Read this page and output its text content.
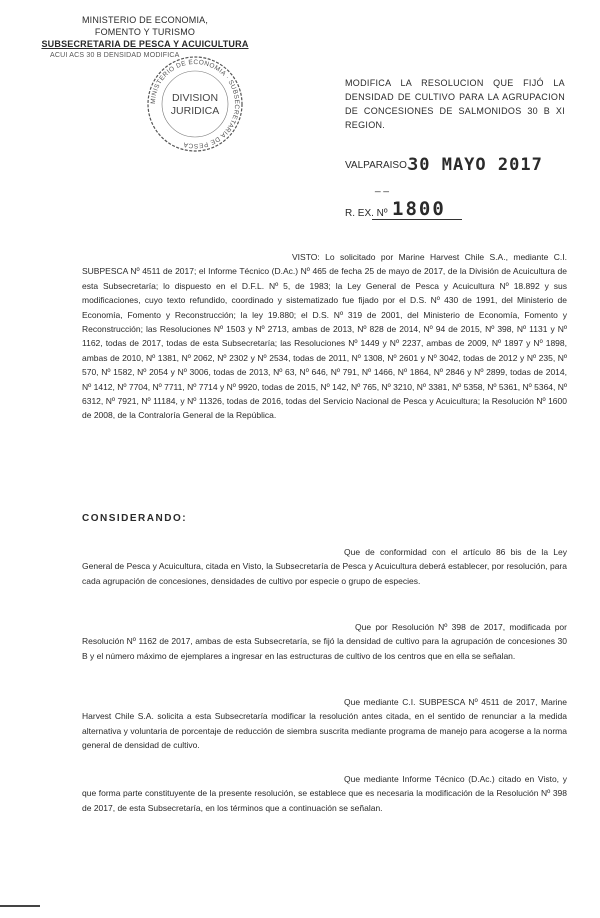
MINISTERIO DE ECONOMIA,
FOMENTO Y TURISMO
SUBSECRETARIA DE PESCA Y ACUICULTURA
ACUI ACS 30 B DENSIDAD MODIFICA
MINISTERIO DE ECONOMIA · SUBSECRETARIA DE PESCA
DIVISION
JURIDICA
MODIFICA LA RESOLUCION QUE FIJÓ LA DENSIDAD DE CULTIVO PARA LA AGRUPACION DE CONCESIONES DE SALMONIDOS 30 B XI REGION.
VALPARAISO,
30 MAYO 2017
_ _
R. EX. Nº 1800
VISTO: Lo solicitado por Marine Harvest Chile S.A., mediante C.I. SUBPESCA Nº 4511 de 2017; el Informe Técnico (D.Ac.) Nº 465 de fecha 25 de mayo de 2017, de la División de Acuicultura de esta Subsecretaría; lo dispuesto en el D.F.L. Nº 5, de 1983; la Ley General de Pesca y Acuicultura Nº 18.892 y sus modificaciones, cuyo texto refundido, coordinado y sistematizado fue fijado por el D.S. Nº 430 de 1991, del Ministerio de Economía, Fomento y Reconstrucción; la ley 19.880; el D.S. Nº 319 de 2001, del Ministerio de Economía, Fomento y Reconstrucción; las Resoluciones Nº 1503 y Nº 2713, ambas de 2013, Nº 828 de 2014, Nº 94 de 2015, Nº 398, Nº 1131 y Nº 1162, todas de 2017, todas de esta Subsecretaría; las Resoluciones Nº 1449 y Nº 2237, ambas de 2009, Nº 1897 y Nº 1898, ambas de 2010, Nº 1381, Nº 2062, Nº 2302 y Nº 2534, todas de 2011, Nº 1308, Nº 2601 y Nº 3042, todas de 2012 y Nº 235, Nº 570, Nº 1582, Nº 2054 y Nº 3006, todas de 2013, Nº 63, Nº 646, Nº 791, Nº 1466, Nº 1864, Nº 2846 y Nº 2899, todas de 2014, Nº 1412, Nº 7704, Nº 7711, Nº 7714 y Nº 9920, todas de 2015, Nº 142, Nº 765, Nº 3210, Nº 3381, Nº 5358, Nº 5361, Nº 5364, Nº 6312, Nº 7921, Nº 11184, y Nº 11326, todas de 2016, todas del Servicio Nacional de Pesca y Acuicultura; la Resolución Nº 1600 de 2008, de la Contraloría General de la República.
CONSIDERANDO:
Que de conformidad con el artículo 86 bis de la Ley General de Pesca y Acuicultura, citada en Visto, la Subsecretaría de Pesca y Acuicultura deberá establecer, por resolución, para cada agrupación de concesiones, densidades de cultivo por especie o grupo de especies.
Que por Resolución Nº 398 de 2017, modificada por Resolución Nº 1162 de 2017, ambas de esta Subsecretaría, se fijó la densidad de cultivo para la agrupación de concesiones 30 B y el número máximo de ejemplares a ingresar en las estructuras de cultivo de los centros que en ella se señalan.
Que mediante C.I. SUBPESCA Nº 4511 de 2017, Marine Harvest Chile S.A. solicita a esta Subsecretaría modificar la resolución antes citada, en el sentido de renunciar a la medida alternativa y voluntaria de porcentaje de reducción de siembra suscrita mediante programa de manejo para acogerse a la norma general de densidad de cultivo.
Que mediante Informe Técnico (D.Ac.) citado en Visto, y que forma parte constituyente de la presente resolución, se establece que es necesaria la modificación de la Resolución Nº 398 de 2017, de esta Subsecretaría, en los términos que a continuación se señalan.
